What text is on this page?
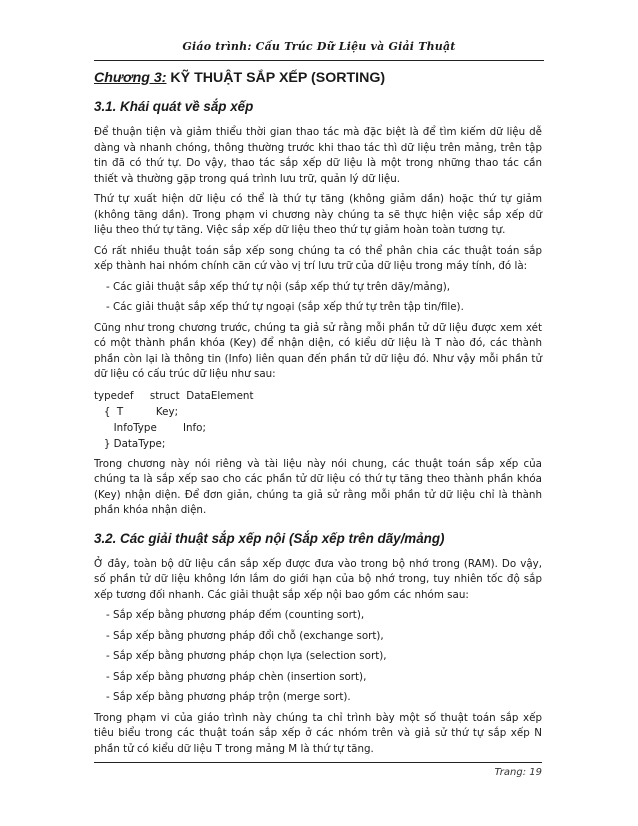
Giáo trình: Cấu Trúc Dữ Liệu và Giải Thuật
Chương 3: KỸ THUẬT SẮP XẾP (SORTING)
3.1. Khái quát về sắp xếp

Để thuận tiện và giảm thiểu thời gian thao tác mà đặc biệt là để tìm kiếm dữ liệu dễ dàng và nhanh chóng, thông thường trước khi thao tác thì dữ liệu trên mảng, trên tập tin đã có thứ tự. Do vậy, thao tác sắp xếp dữ liệu là một trong những thao tác cần thiết và thường gặp trong quá trình lưu trữ, quản lý dữ liệu.

Thứ tự xuất hiện dữ liệu có thể là thứ tự tăng (không giảm dần) hoặc thứ tự giảm (không tăng dần). Trong phạm vi chương này chúng ta sẽ thực hiện việc sắp xếp dữ liệu theo thứ tự tăng. Việc sắp xếp dữ liệu theo thứ tự giảm hoàn toàn tương tự.

Có rất nhiều thuật toán sắp xếp song chúng ta có thể phân chia các thuật toán sắp xếp thành hai nhóm chính căn cứ vào vị trí lưu trữ của dữ liệu trong máy tính, đó là:

- Các giải thuật sắp xếp thứ tự nội (sắp xếp thứ tự trên dãy/mảng),
- Các giải thuật sắp xếp thứ tự ngoại (sắp xếp thứ tự trên tập tin/file).

Cũng như trong chương trước, chúng ta giả sử rằng mỗi phần tử dữ liệu được xem xét có một thành phần khóa (Key) để nhận diện, có kiểu dữ liệu là T nào đó, các thành phần còn lại là thông tin (Info) liên quan đến phần tử dữ liệu đó. Như vậy mỗi phần tử dữ liệu có cấu trúc dữ liệu như sau:

typedef     struct  DataElement
{  T          Key;
InfoType        Info;
} DataType;

Trong chương này nói riêng và tài liệu này nói chung, các thuật toán sắp xếp của chúng ta là sắp xếp sao cho các phần tử dữ liệu có thứ tự tăng theo thành phần khóa (Key) nhận diện. Để đơn giản, chúng ta giả sử rằng mỗi phần tử dữ liệu chỉ là thành phần khóa nhận diện.

3.2. Các giải thuật sắp xếp nội (Sắp xếp trên dãy/mảng)

Ở đây, toàn bộ dữ liệu cần sắp xếp được đưa vào trong bộ nhớ trong (RAM). Do vậy, số phần tử dữ liệu không lớn lắm do giới hạn của bộ nhớ trong, tuy nhiên tốc độ sắp xếp tương đối nhanh. Các giải thuật sắp xếp nội bao gồm các nhóm sau:

- Sắp xếp bằng phương pháp đếm (counting sort),
- Sắp xếp bằng phương pháp đổi chỗ (exchange sort),
- Sắp xếp bằng phương pháp chọn lựa (selection sort),
- Sắp xếp bằng phương pháp chèn (insertion sort),
- Sắp xếp bằng phương pháp trộn (merge sort).

Trong phạm vi của giáo trình này chúng ta chỉ trình bày một số thuật toán sắp xếp tiêu biểu trong các thuật toán sắp xếp ở các nhóm trên và giả sử thứ tự sắp xếp N phần tử có kiểu dữ liệu T trong mảng M là thứ tự tăng.

Trang: 19
